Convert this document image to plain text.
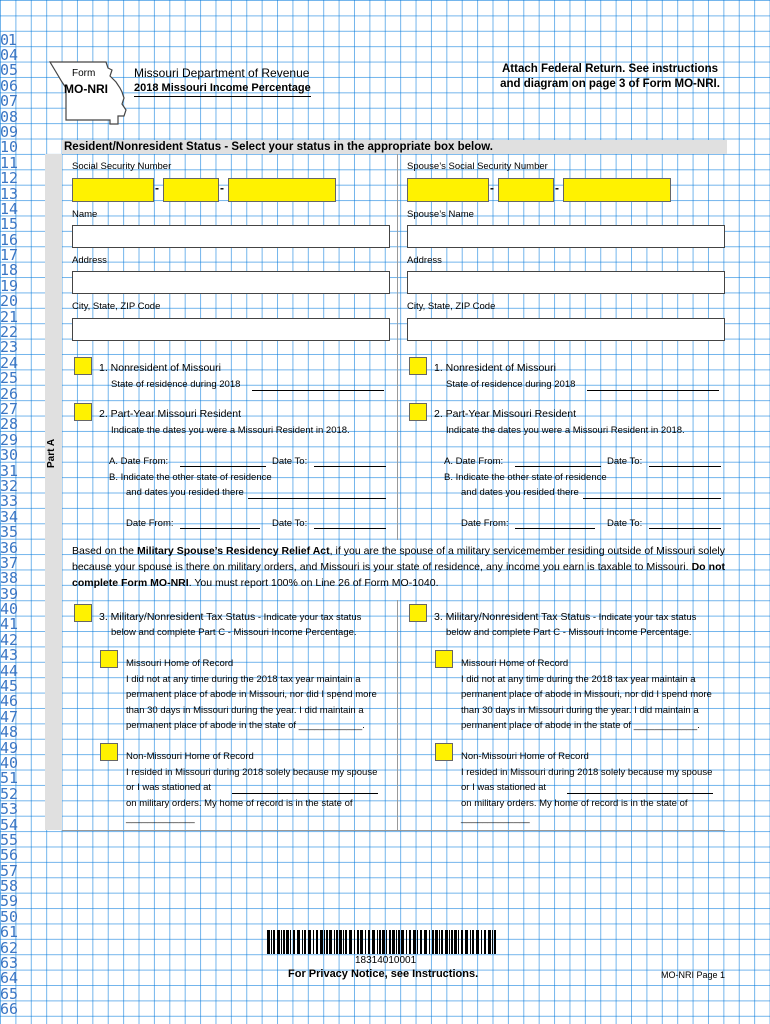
01

04
05
06
07
08
09
10
11
12
13
14
15
16
17
18
19
20
21
22
23
24
25
26
27
28
29
30
31
32
33
34
35
36
37
38
39
40
41
42
43
44
45
46
47
48
49
40
51
52
53
54
55
56
57
58
59
50
61
62
63
64
65
66
Form
MO-NRI
Missouri Department of Revenue
2018 Missouri Income Percentage
Attach Federal Return. See instructions
and diagram on page 3 of Form MO-NRI.
Resident/Nonresident Status - Select your status in the appropriate box below.
Part A
Social Security Number
-	-
Name
Address
City, State, ZIP Code
1. Nonresident of Missouri
State of residence during 2018
2. Part-Year Missouri Resident
Indicate the dates you were a Missouri Resident in 2018.
A. Date From:	Date To:
B. Indicate the other state of residence
and dates you resided there
Date From:	Date To:
Spouse’s Social Security Number
-	-
Spouse’s Name
Address
City, State, ZIP Code
1. Nonresident of Missouri
State of residence during 2018
2. Part-Year Missouri Resident
Indicate the dates you were a Missouri Resident in 2018.
A. Date From:	Date To:
B. Indicate the other state of residence
and dates you resided there
Date From:	Date To:
Based on the Military Spouse’s Residency Relief Act, if you are the spouse of a military servicemember residing outside of Missouri solely because your spouse is there on military orders, and Missouri is your state of residence, any income you earn is taxable to Missouri. Do not complete Form MO-NRI. You must report 100% on Line 26 of Form MO-1040.
3. Military/Nonresident Tax Status - Indicate your tax status
below and complete Part C - Missouri Income Percentage.
Missouri Home of Record
I did not at any time during the 2018 tax year maintain a
permanent place of abode in Missouri, nor did I spend more
than 30 days in Missouri during the year. I did maintain a
permanent place of abode in the state of ____________.
Non-Missouri Home of Record
I resided in Missouri during 2018 solely because my spouse
or I was stationed at
on military orders. My home of record is in the state of
_____________
3. Military/Nonresident Tax Status - Indicate your tax status
below and complete Part C - Missouri Income Percentage.
Missouri Home of Record
I did not at any time during the 2018 tax year maintain a
permanent place of abode in Missouri, nor did I spend more
than 30 days in Missouri during the year. I did maintain a
permanent place of abode in the state of ____________.
Non-Missouri Home of Record
I resided in Missouri during 2018 solely because my spouse
or I was stationed at
on military orders. My home of record is in the state of
_____________
18314010001
For Privacy Notice, see Instructions.	MO-NRI Page 1
